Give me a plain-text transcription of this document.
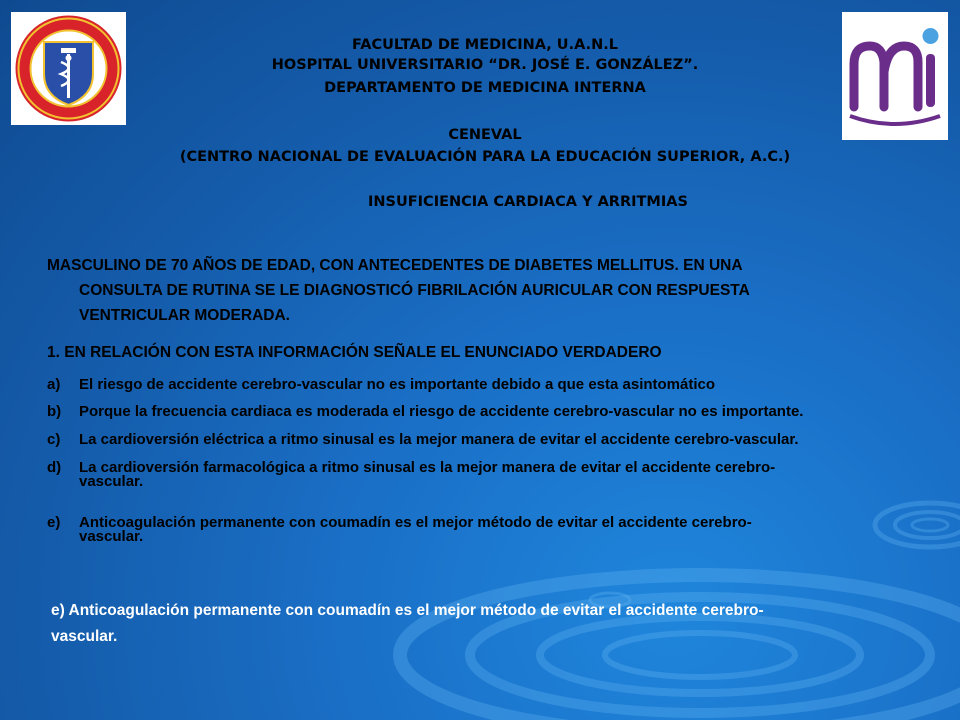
FACULTAD DE MEDICINA, U.A.N.L
HOSPITAL UNIVERSITARIO “DR. JOSÉ E. GONZÁLEZ”.
DEPARTAMENTO DE MEDICINA INTERNA
CENEVAL
(CENTRO NACIONAL DE EVALUACIÓN PARA LA EDUCACIÓN SUPERIOR, A.C.)
INSUFICIENCIA CARDIACA Y ARRITMIAS
MASCULINO DE 70 AÑOS DE EDAD, CON ANTECEDENTES DE DIABETES MELLITUS. EN UNA
CONSULTA DE RUTINA SE LE DIAGNOSTICÓ FIBRILACIÓN AURICULAR CON RESPUESTA
VENTRICULAR MODERADA.
1. EN RELACIÓN CON ESTA INFORMACIÓN SEÑALE EL ENUNCIADO VERDADERO
a) El riesgo de accidente cerebro-vascular no es importante debido a que esta asintomático
b) Porque la frecuencia cardiaca es moderada el riesgo de accidente cerebro-vascular no es importante.
c) La cardioversión eléctrica a ritmo sinusal es la mejor manera de evitar el accidente cerebro-vascular.
d) La cardioversión farmacológica a ritmo sinusal es la mejor manera de evitar el accidente cerebro-
vascular.
e) Anticoagulación permanente con coumadín es el mejor método de evitar el accidente cerebro-
vascular.
e) Anticoagulación permanente con coumadín es el mejor método de evitar el accidente cerebro-
vascular.
